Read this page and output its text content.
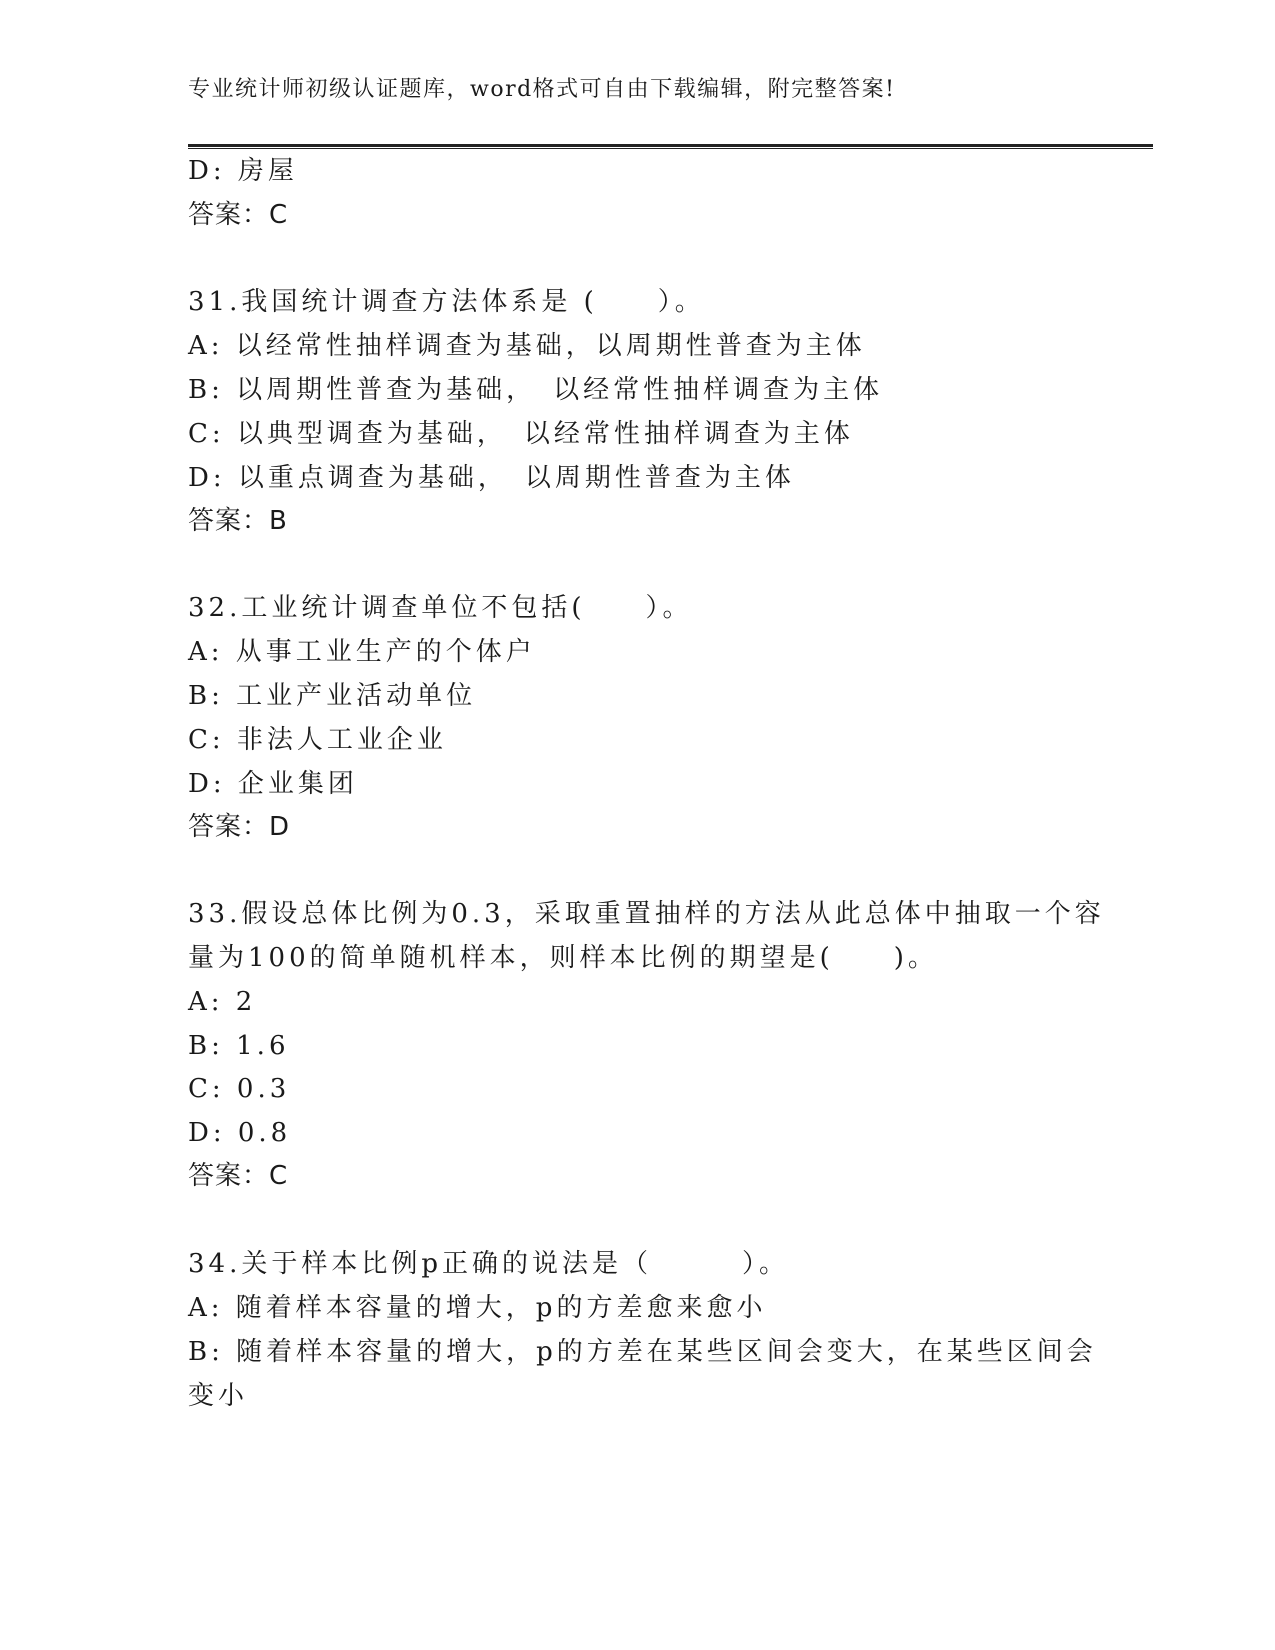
专业统计师初级认证题库，word格式可自由下载编辑，附完整答案!
D: 房屋
答案：C
31.我国统计调查方法体系是 (　　）。
A: 以经常性抽样调查为基础，以周期性普查为主体
B: 以周期性普查为基础，　以经常性抽样调查为主体
C: 以典型调查为基础，　以经常性抽样调查为主体
D: 以重点调查为基础，　以周期性普查为主体
答案：B
32.工业统计调查单位不包括(　　）。
A: 从事工业生产的个体户
B: 工业产业活动单位
C: 非法人工业企业
D: 企业集团
答案：D
33.假设总体比例为0.3，采取重置抽样的方法从此总体中抽取一个容
量为100的简单随机样本，则样本比例的期望是(　　)。
A: 2
B: 1.6
C: 0.3
D: 0.8
答案：C
34.关于样本比例p正确的说法是（　　　）。
A: 随着样本容量的增大，p的方差愈来愈小
B: 随着样本容量的增大，p的方差在某些区间会变大，在某些区间会
变小
